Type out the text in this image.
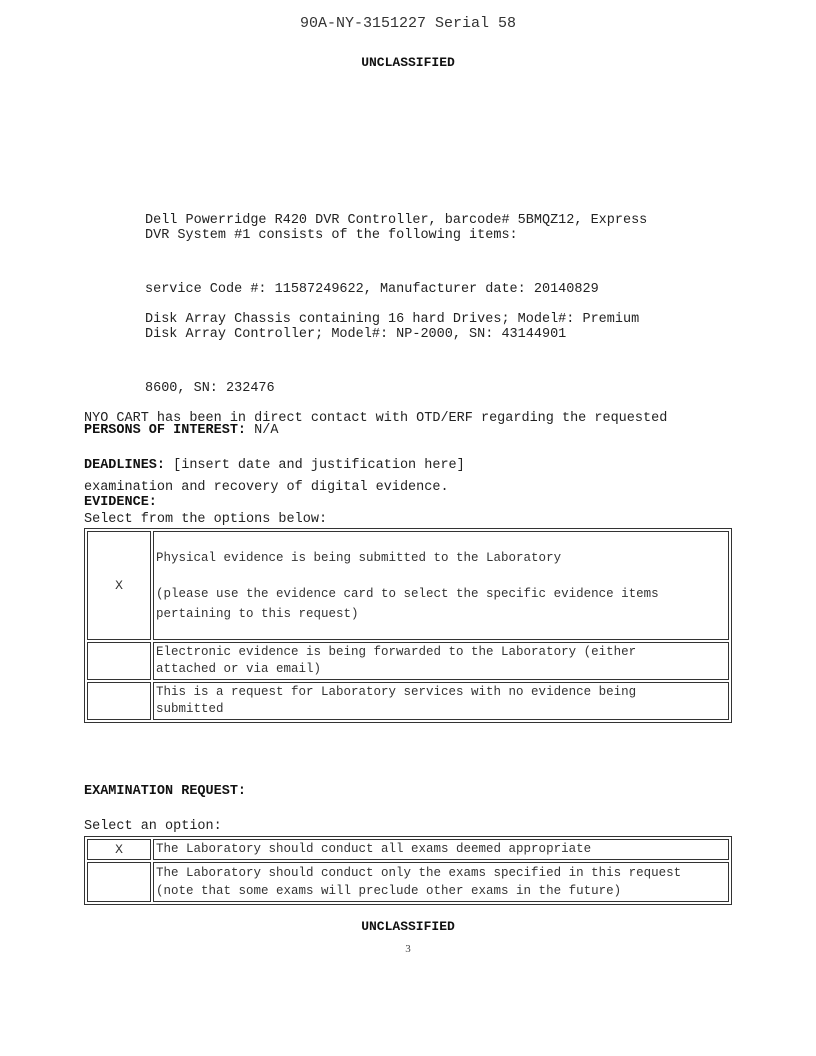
90A-NY-3151227 Serial 58
UNCLASSIFIED

Dell Powerridge R420 DVR Controller, barcode# 5BMQZ12, Express

service Code #: 11587249622, Manufacturer date: 20140829

DVR System #1 consists of the following items:

Disk Array Chassis containing 16 hard Drives; Model#: Premium

8600, SN: 232476

Disk Array Controller; Model#: NP-2000, SN: 43144901

NYO CART has been in direct contact with OTD/ERF regarding the requested

examination and recovery of digital evidence.

PERSONS OF INTEREST: N/A
DEADLINES: [insert date and justification here]
EVIDENCE:
Select from the options below:
X	Physical evidence is being submitted to the Laboratory
(please use the evidence card to select the specific evidence items
pertaining to this request)

	Electronic evidence is being forwarded to the Laboratory (either
attached or via email)

	This is a request for Laboratory services with no evidence being
submitted
EXAMINATION REQUEST:
Select an option:
X	The Laboratory should conduct all exams deemed appropriate

	The Laboratory should conduct only the exams specified in this request
(note that some exams will preclude other exams in the future)
UNCLASSIFIED
3
